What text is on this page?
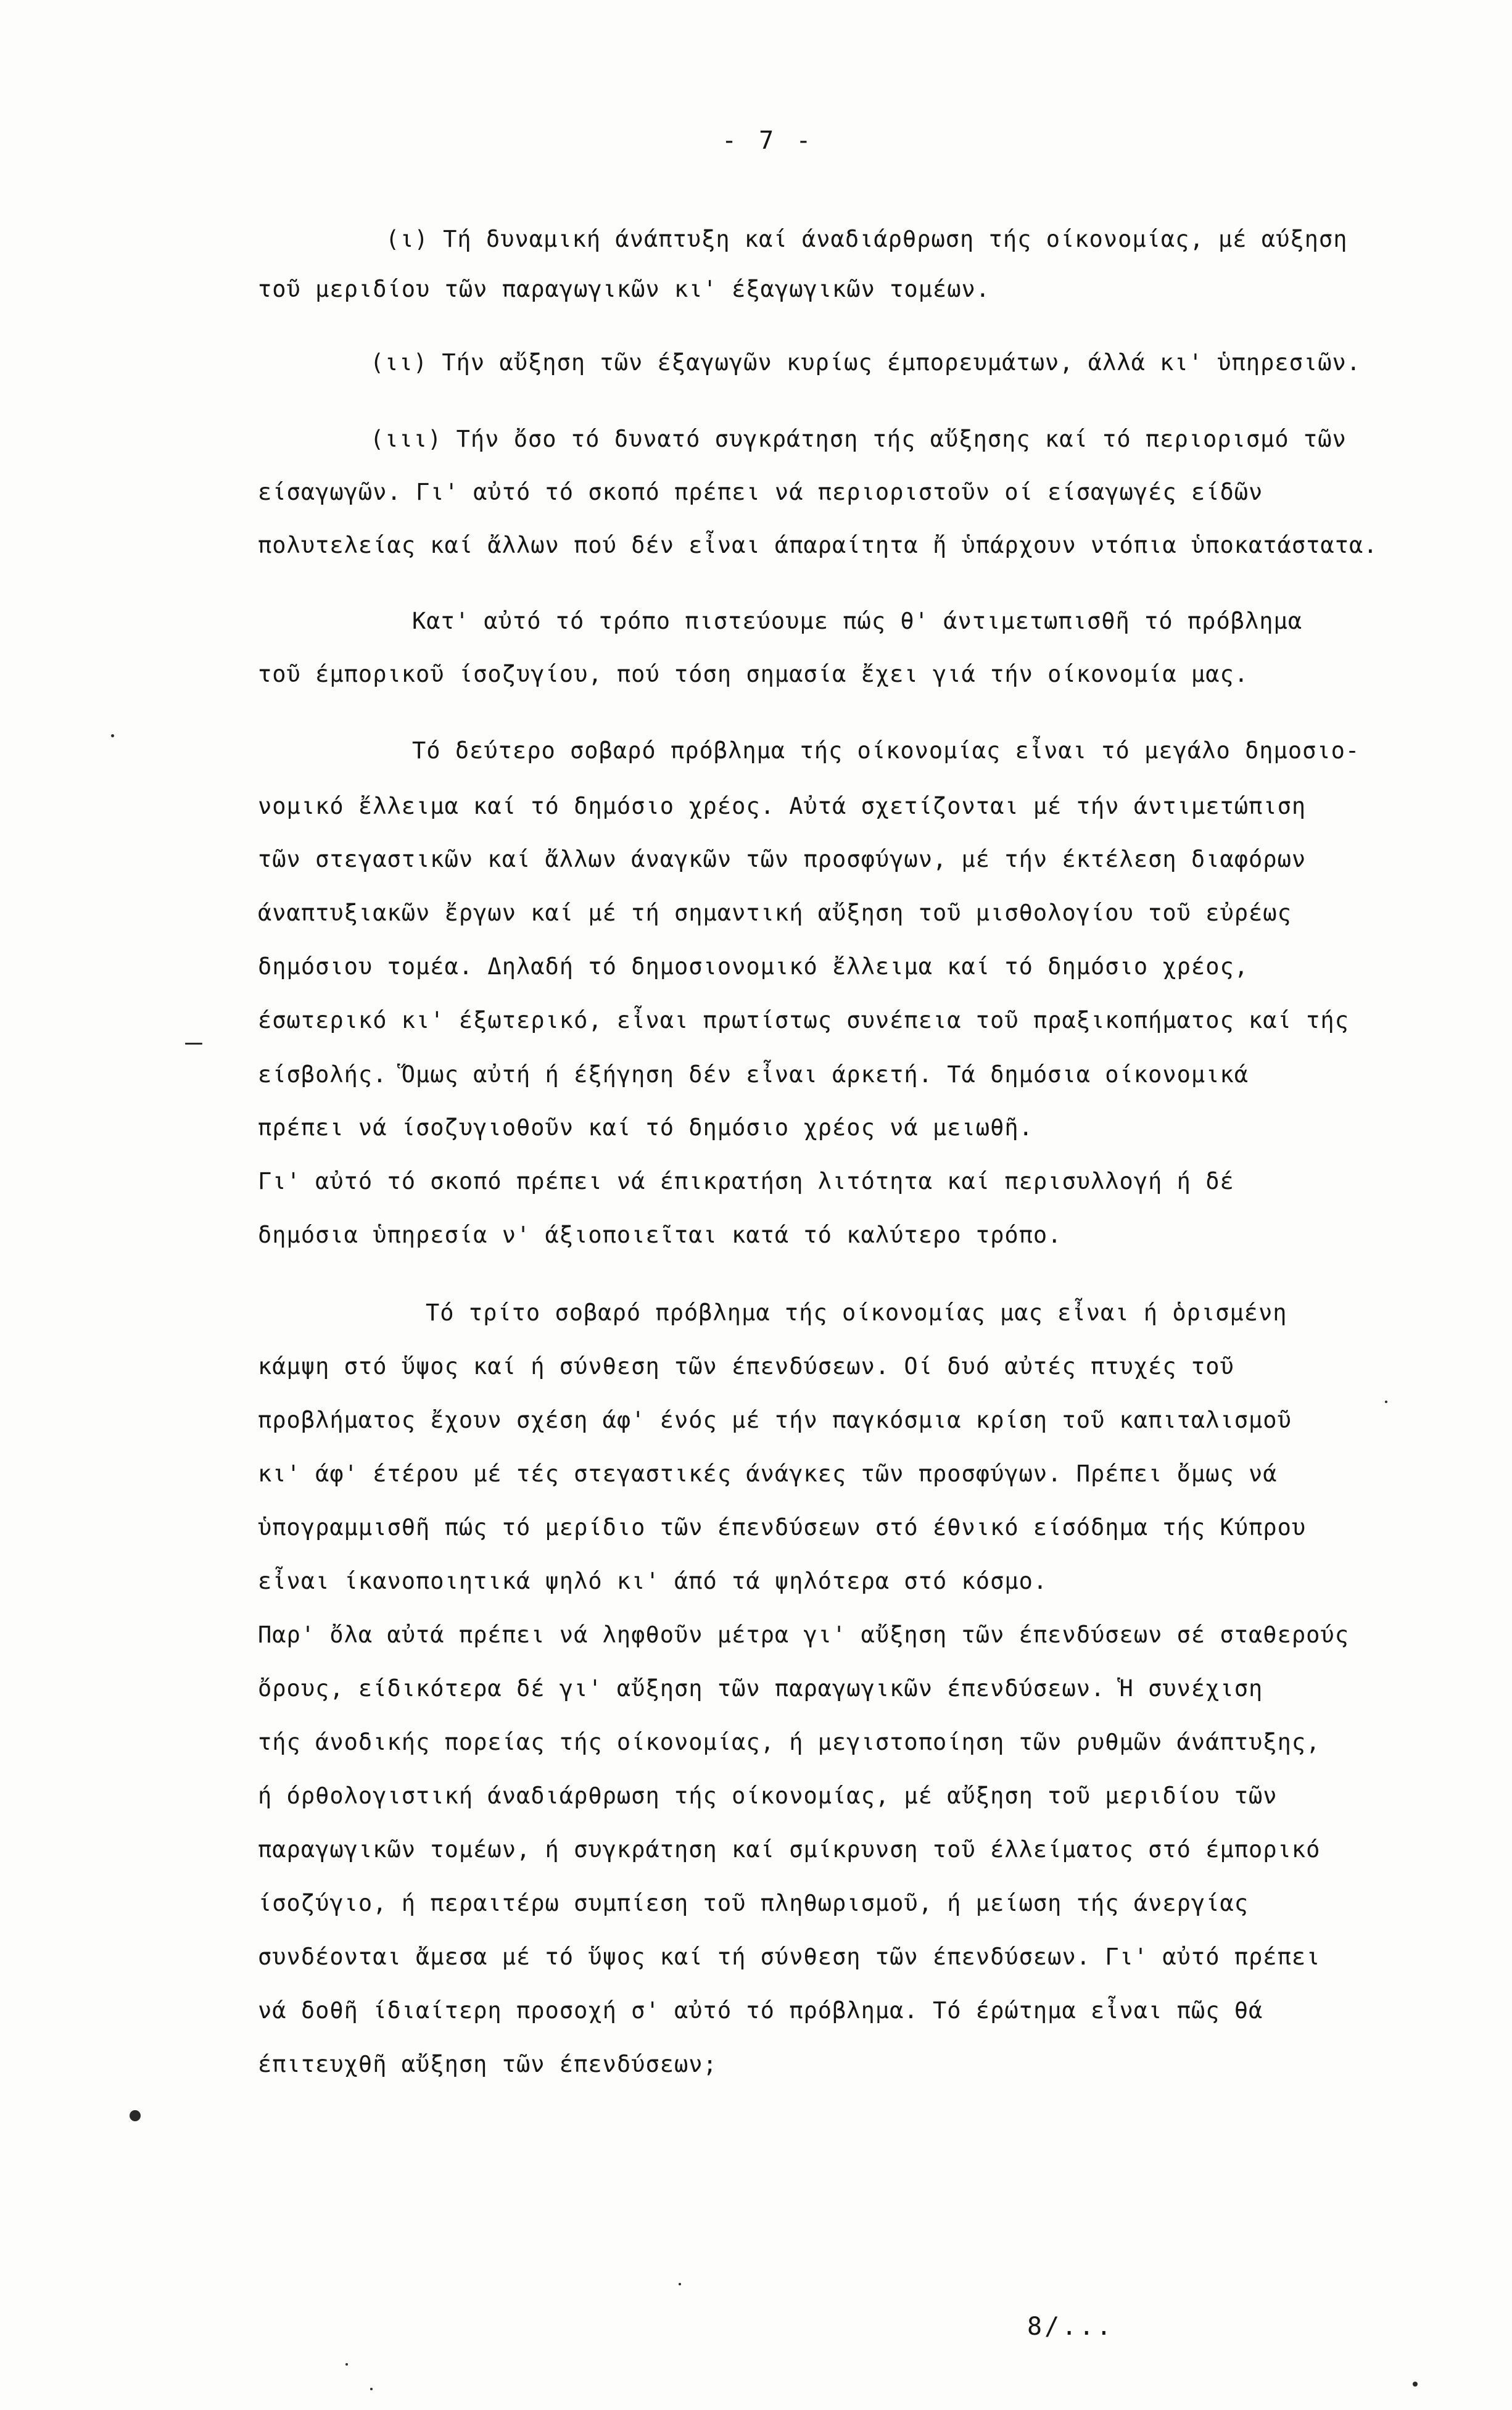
- 7 -
(ι) Τή δυναμική άνάπτυξη καί άναδιάρθρωση τής οίκονομίας, μέ αύξηση
τοῦ μεριδίου τῶν παραγωγικῶν κι' έξαγωγικῶν τομέων.
(ιι) Τήν αὔξηση τῶν έξαγωγῶν κυρίως έμπορευμάτων, άλλά κι' ὑπηρεσιῶν.
(ιιι) Τήν ὄσο τό δυνατό συγκράτηση τής αὔξησης καί τό περιορισμό τῶν
είσαγωγῶν. Γι' αὐτό τό σκοπό πρέπει νά περιοριστοῦν οί είσαγωγές είδῶν
πολυτελείας καί ἄλλων πού δέν εἶναι άπαραίτητα ἤ ὑπάρχουν ντόπια ὑποκατάστατα.
Κατ' αὐτό τό τρόπο πιστεύουμε πώς θ' άντιμετωπισθῆ τό πρόβλημα
τοῦ έμπορικοῦ ίσοζυγίου, πού τόση σημασία ἔχει γιά τήν οίκονομία μας.
Τό δεύτερο σοβαρό πρόβλημα τής οίκονομίας εἶναι τό μεγάλο δημοσιο-
νομικό ἔλλειμα καί τό δημόσιο χρέος. Αὐτά σχετίζονται μέ τήν άντιμετώπιση
τῶν στεγαστικῶν καί ἄλλων άναγκῶν τῶν προσφύγων, μέ τήν έκτέλεση διαφόρων
άναπτυξιακῶν ἔργων καί μέ τή σημαντική αὔξηση τοῦ μισθολογίου τοῦ εὐρέως
δημόσιου τομέα. Δηλαδή τό δημοσιονομικό ἔλλειμα καί τό δημόσιο χρέος,
έσωτερικό κι' έξωτερικό, εἶναι πρωτίστως συνέπεια τοῦ πραξικοπήματος καί τής
είσβολής. Ὅμως αὐτή ή έξήγηση δέν εἶναι άρκετή. Τά δημόσια οίκονομικά
πρέπει νά ίσοζυγιοθοῦν καί τό δημόσιο χρέος νά μειωθῆ.
Γι' αὐτό τό σκοπό πρέπει νά έπικρατήση λιτότητα καί περισυλλογή ή δέ
δημόσια ὑπηρεσία ν' άξιοποιεῖται κατά τό καλύτερο τρόπο.
Τό τρίτο σοβαρό πρόβλημα τής οίκονομίας μας εἶναι ή ὁρισμένη
κάμψη στό ὕψος καί ή σύνθεση τῶν έπενδύσεων. Οί δυό αὐτές πτυχές τοῦ
προβλήματος ἔχουν σχέση άφ' ένός μέ τήν παγκόσμια κρίση τοῦ καπιταλισμοῦ
κι' άφ' έτέρου μέ τές στεγαστικές άνάγκες τῶν προσφύγων. Πρέπει ὄμως νά
ὑπογραμμισθῆ πώς τό μερίδιο τῶν έπενδύσεων στό έθνικό είσόδημα τής Κύπρου
εἶναι ίκανοποιητικά ψηλό κι' άπό τά ψηλότερα στό κόσμο.
Παρ' ὄλα αὐτά πρέπει νά ληφθοῦν μέτρα γι' αὔξηση τῶν έπενδύσεων σέ σταθερούς
ὄρους, είδικότερα δέ γι' αὔξηση τῶν παραγωγικῶν έπενδύσεων. Ἡ συνέχιση
τής άνοδικής πορείας τής οίκονομίας, ή μεγιστοποίηση τῶν ρυθμῶν άνάπτυξης,
ή όρθολογιστική άναδιάρθρωση τής οίκονομίας, μέ αὔξηση τοῦ μεριδίου τῶν
παραγωγικῶν τομέων, ή συγκράτηση καί σμίκρυνση τοῦ έλλείματος στό έμπορικό
ίσοζύγιο, ή περαιτέρω συμπίεση τοῦ πληθωρισμοῦ, ή μείωση τής άνεργίας
συνδέονται ἄμεσα μέ τό ὕψος καί τή σύνθεση τῶν έπενδύσεων. Γι' αὐτό πρέπει
νά δοθῆ ίδιαίτερη προσοχή σ' αὐτό τό πρόβλημα. Τό έρώτημα εἶναι πῶς θά
έπιτευχθῆ αὔξηση τῶν έπενδύσεων;
8/...
